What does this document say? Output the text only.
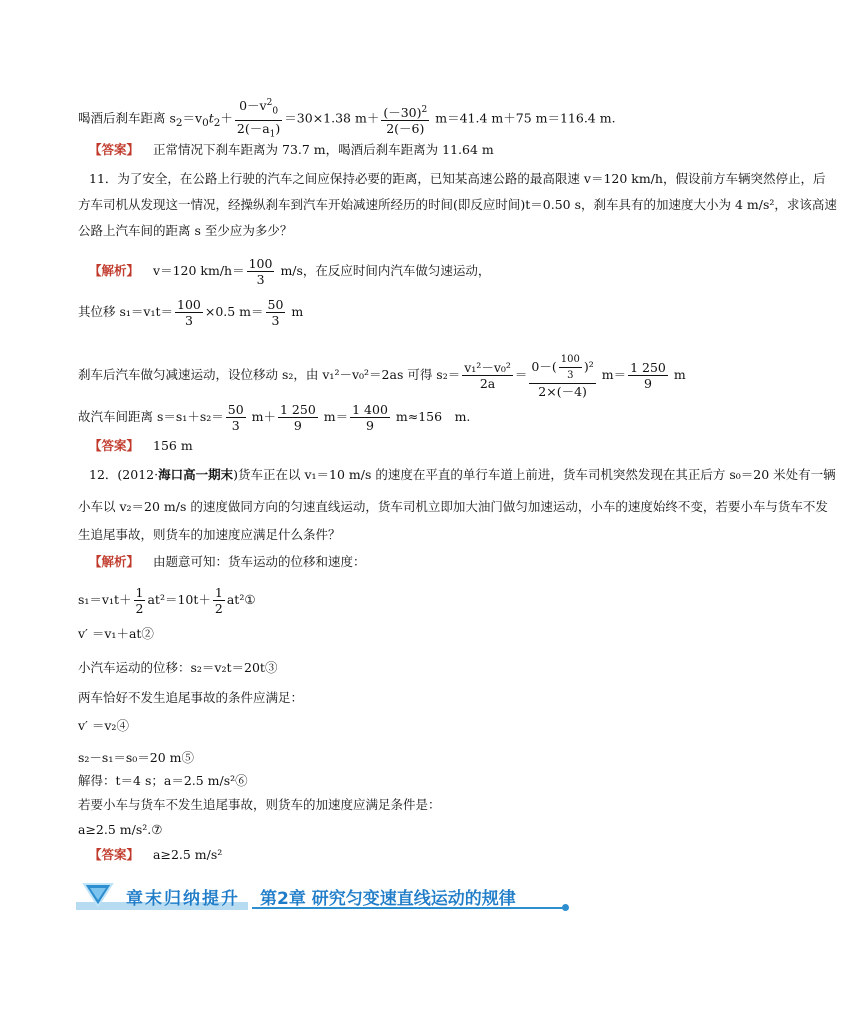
喝酒后刹车距离 $s_2=v_0t_2+ \frac{0-v^2_0}{2(-a_1)} =30\times 1.38$ $m+ \frac{(-30)^2}{2(-6)} m=41.4$ m＋75 m＝116.4 m.
【答案】 正常情况下刹车距离为 73.7 m，喝酒后刹车距离为 11.64 m
11．为了安全，在公路上行驶的汽车之间应保持必要的距离，已知某高速公路的最高限速 v＝120 km/h，假设前方车辆突然停止，后
方车司机从发现这一情况，经操纵刹车到汽车开始减速所经历的时间(即反应时间)t＝0.50 s，刹车具有的加速度大小为 4 m/s²，求该高速
公路上汽车间的距离 s 至少应为多少？
【解析】 v＝120 $km/h= \frac{100}{3} m/s$，在反应时间内汽车做匀速运动，
其位移 $s_1=v_1t= \frac{100}{3} \times 0.5$ $m= \frac{50}{3}$ m
刹车后汽车做匀减速运动，设位移动 s₂，由 v₁²－v₀²＝2as 可得 $s_2= \frac{\text{v₁²－v₀²}}{2a} = \frac{0-( \frac{100}{3} )^2}{2\times(-4)} m= \frac{1 250}{9}$ m
故汽车间距离 $s=s_1+s_2= \frac{50}{3} m+ \frac{1 250}{9} m= \frac{1 400}{9} m\approx 156$　m.
【答案】 156 m
12．(2012·海口高一期末)货车正在以 v₁＝10 m/s 的速度在平直的单行车道上前进，货车司机突然发现在其正后方 s₀＝20 米处有一辆
小车以 v₂＝20 m/s 的速度做同方向的匀速直线运动，货车司机立即加大油门做匀加速运动，小车的速度始终不变，若要小车与货车不发
生追尾事故，则货车的加速度应满足什么条件？
【解析】 由题意可知：货车运动的位移和速度：
$s_1=v_1t+ \frac{1}{2} at^2=10t+ \frac{1}{2}$ at²①
v′ ＝v₁＋at②
小汽车运动的位移：s₂＝v₂t＝20t③
两车恰好不发生追尾事故的条件应满足：
v′ ＝v₂④
s₂－s₁＝s₀＝20 m⑤
解得：t＝4 s；a＝2.5 m/s²⑥
若要小车与货车不发生追尾事故，则货车的加速度应满足条件是：
a≥2.5 m/s².⑦
【答案】 a≥2.5 m/s²
章末归纳提升 第2章 研究匀变速直线运动的规律
